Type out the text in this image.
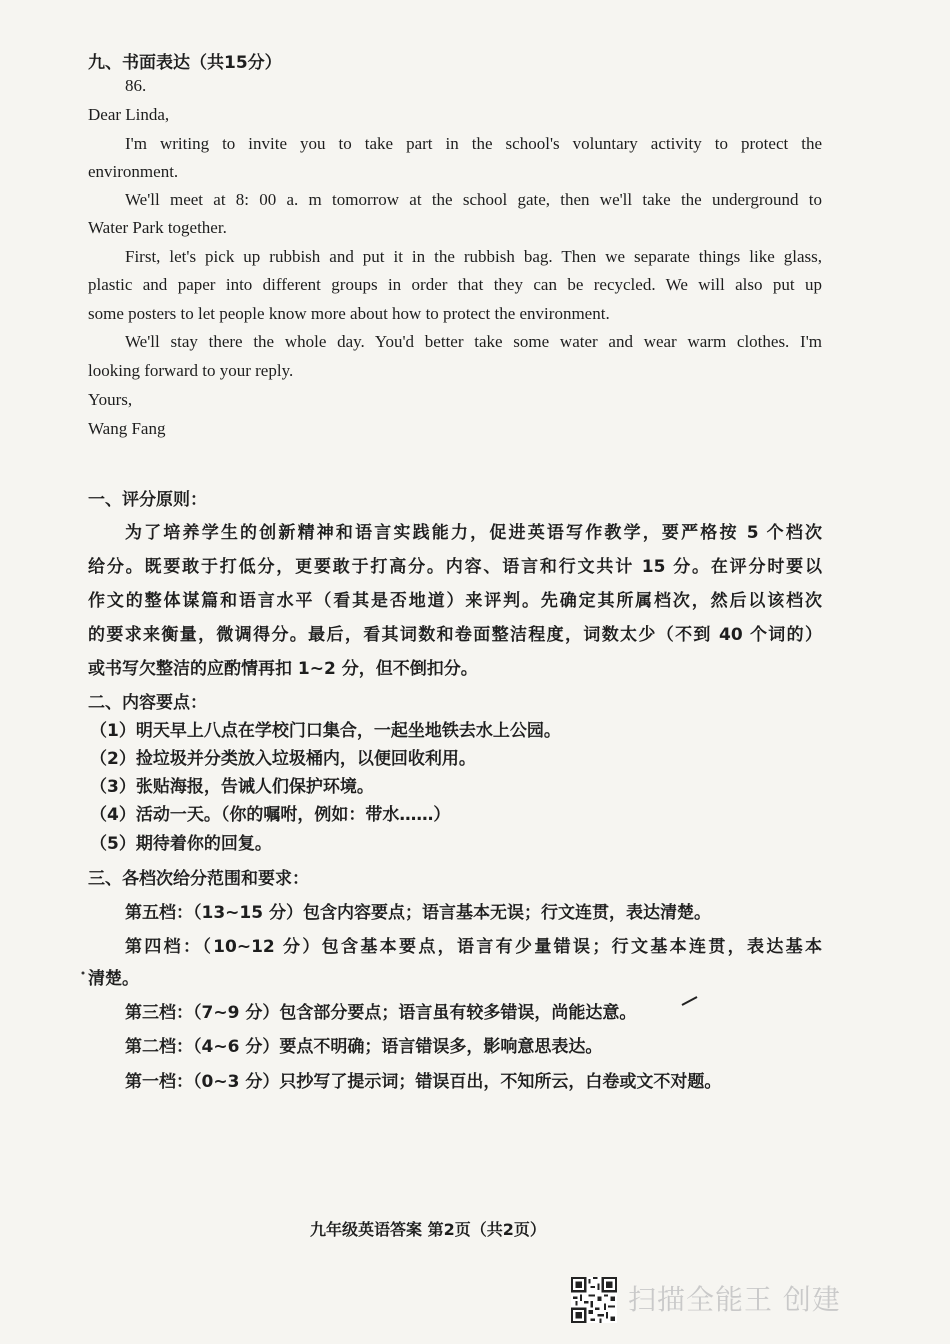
九、书面表达（共15分）
86.
Dear Linda,
I'm writing to invite you to take part in the school's voluntary activity to protect the
environment.
We'll meet at 8: 00 a. m tomorrow at the school gate, then we'll take the underground to
Water Park together.
First, let's pick up rubbish and put it in the rubbish bag. Then we separate things like glass,
plastic and paper into different groups in order that they can be recycled. We will also put up
some posters to let people know more about how to protect the environment.
We'll stay there the whole day. You'd better take some water and wear warm clothes. I'm
looking forward to your reply.
Yours,
Wang Fang
一、评分原则：
为了培养学生的创新精神和语言实践能力，促进英语写作教学，要严格按 5 个档次
给分。既要敢于打低分，更要敢于打高分。内容、语言和行文共计 15 分。在评分时要以
作文的整体谋篇和语言水平（看其是否地道）来评判。先确定其所属档次，然后以该档次
的要求来衡量，微调得分。最后，看其词数和卷面整洁程度，词数太少（不到 40 个词的）
或书写欠整洁的应酌情再扣 1~2 分，但不倒扣分。
二、内容要点：
（1）明天早上八点在学校门口集合，一起坐地铁去水上公园。
（2）捡垃圾并分类放入垃圾桶内，以便回收利用。
（3）张贴海报，告诫人们保护环境。
（4）活动一天。（你的嘱咐，例如：带水……）
（5）期待着你的回复。
三、各档次给分范围和要求：
第五档：（13~15 分）包含内容要点；语言基本无误；行文连贯，表达清楚。
第四档：（10~12 分）包含基本要点，语言有少量错误；行文基本连贯，表达基本
清楚。
第三档：（7~9 分）包含部分要点；语言虽有较多错误，尚能达意。
第二档：（4~6 分）要点不明确；语言错误多，影响意思表达。
第一档：（0~3 分）只抄写了提示词；错误百出，不知所云，白卷或文不对题。
九年级英语答案 第2页（共2页）
扫描全能王 创建
